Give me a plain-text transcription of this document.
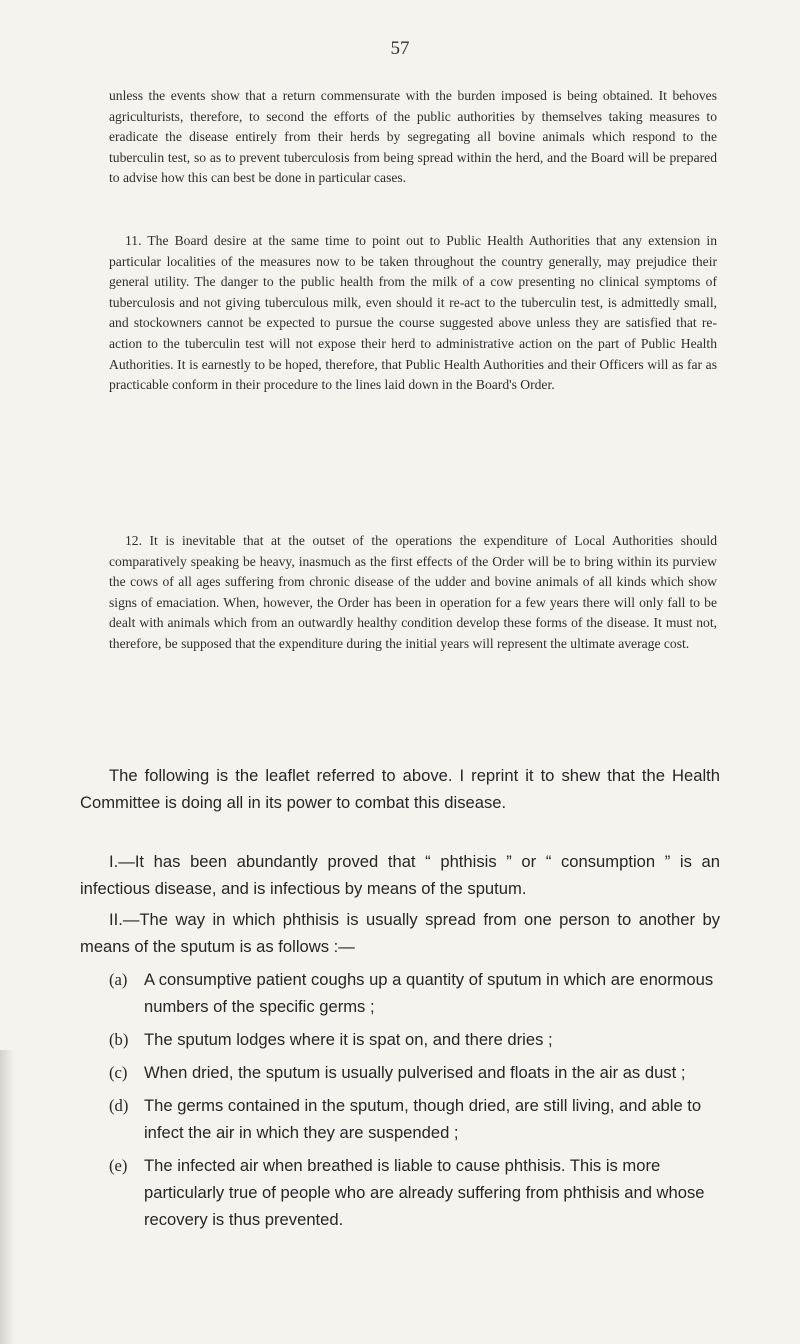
57

unless the events show that a return commensurate with the burden imposed is being obtained. It behoves agriculturists, therefore, to second the efforts of the public authorities by themselves taking measures to eradicate the disease entirely from their herds by segregating all bovine animals which respond to the tuberculin test, so as to prevent tuberculosis from being spread within the herd, and the Board will be prepared to advise how this can best be done in particular cases.

11. The Board desire at the same time to point out to Public Health Authorities that any extension in particular localities of the measures now to be taken throughout the country generally, may prejudice their general utility. The danger to the public health from the milk of a cow presenting no clinical symptoms of tuberculosis and not giving tuberculous milk, even should it re-act to the tuberculin test, is admittedly small, and stockowners cannot be expected to pursue the course suggested above unless they are satisfied that re-action to the tuberculin test will not expose their herd to administrative action on the part of Public Health Authorities. It is earnestly to be hoped, therefore, that Public Health Authorities and their Officers will as far as practicable conform in their procedure to the lines laid down in the Board's Order.

12. It is inevitable that at the outset of the operations the expenditure of Local Authorities should comparatively speaking be heavy, inasmuch as the first effects of the Order will be to bring within its purview the cows of all ages suffering from chronic disease of the udder and bovine animals of all kinds which show signs of emaciation. When, however, the Order has been in operation for a few years there will only fall to be dealt with animals which from an outwardly healthy condition develop these forms of the disease. It must not, therefore, be supposed that the expenditure during the initial years will represent the ultimate average cost.

The following is the leaflet referred to above. I reprint it to shew that the Health Committee is doing all in its power to combat this disease.

I.—It has been abundantly proved that “ phthisis ” or “ consumption ” is an infectious disease, and is infectious by means of the sputum.

II.—The way in which phthisis is usually spread from one person to another by means of the sputum is as follows :—

(a) A consumptive patient coughs up a quantity of sputum in which are enormous numbers of the specific germs ;
(b) The sputum lodges where it is spat on, and there dries ;
(c) When dried, the sputum is usually pulverised and floats in the air as dust ;
(d) The germs contained in the sputum, though dried, are still living, and able to infect the air in which they are suspended ;
(e) The infected air when breathed is liable to cause phthisis. This is more particularly true of people who are already suffering from phthisis and whose recovery is thus prevented.
